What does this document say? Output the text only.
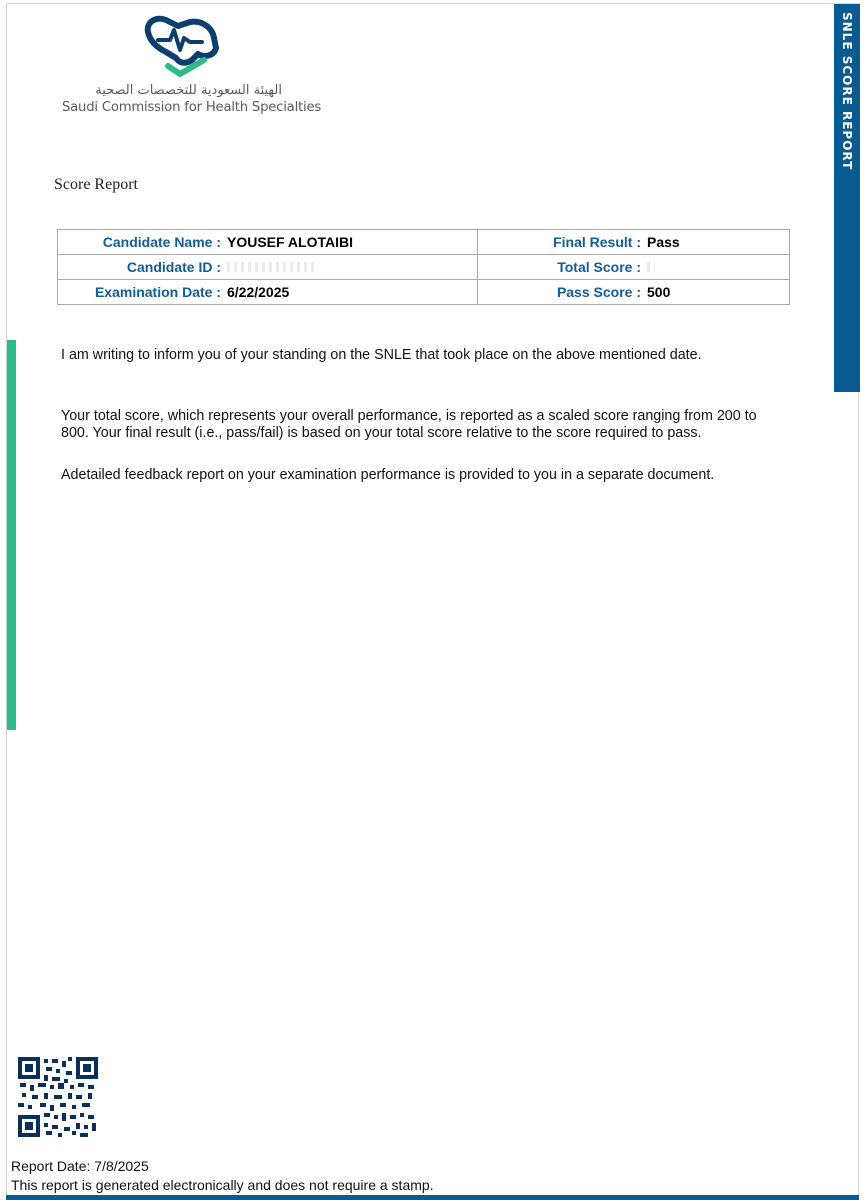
الهيئة السعودية للتخصصات الصحية
Saudi Commission for Health Specialties	SNLE SCORE REPORT
Score Report
Candidate Name : YOUSEF ALOTAIBI	Final Result : Pass

Candidate ID :	Total Score :

Examination Date : 6/22/2025	Pass Score : 500
I am writing to inform you of your standing on the SNLE that took place on the above mentioned date.
Your total score, which represents your overall performance, is reported as a scaled score ranging from 200 to
800. Your final result (i.e., pass/fail) is based on your total score relative to the score required to pass.
Adetailed feedback report on your examination performance is provided to you in a separate document.
Report Date: 7/8/2025
This report is generated electronically and does not require a stamp.
